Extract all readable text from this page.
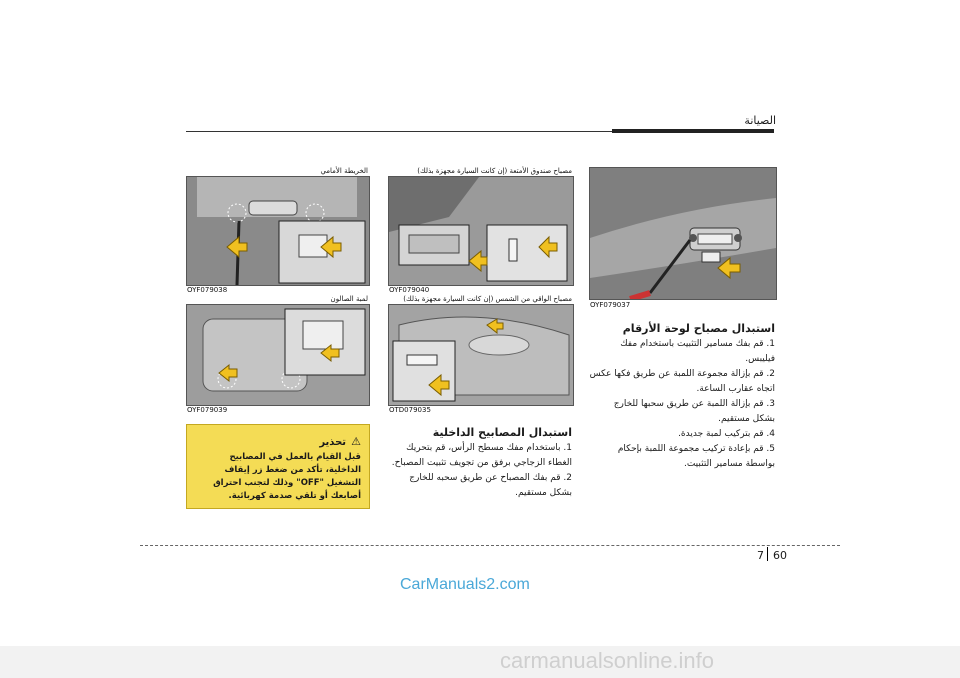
الصيانة
OYF079037
استبدال مصباح لوحة الأرقام

1. قم بفك مسامير التثبيت باستخدام مفك فيليبس.

2. قم بإزالة مجموعة اللمبة عن طريق فكها عكس اتجاه عقارب الساعة.

3. قم بإزالة اللمبة عن طريق سحبها للخارج بشكل مستقيم.

4. قم بتركيب لمبة جديدة.

5. قم بإعادة تركيب مجموعة اللمبة بإحكام بواسطة مسامير التثبيت.

مصباح صندوق الأمتعة (إن كانت السيارة مجهزة بذلك)
OYF079040
مصباح الواقي من الشمس (إن كانت السيارة مجهزة بذلك)
OTD079035
استبدال المصابيح الداخلية

1. باستخدام مفك مسطح الرأس، قم بتحريك الغطاء الزجاجي برفق من تجويف تثبيت المصباح.

2. قم بفك المصباح عن طريق سحبه للخارج بشكل مستقيم.

الخريطة الأمامي
OYF079038
لمبة الصالون
OYF079039
⚠ تحذير
قبل القيام بالعمل في المصابيح الداخلية، تأكد من ضغط زر إيقاف التشغيل "OFF" وذلك لتجنب احتراق أصابعك أو تلقي صدمة كهربائية.
7 60
CarManuals2.com
carmanualsonline.info
